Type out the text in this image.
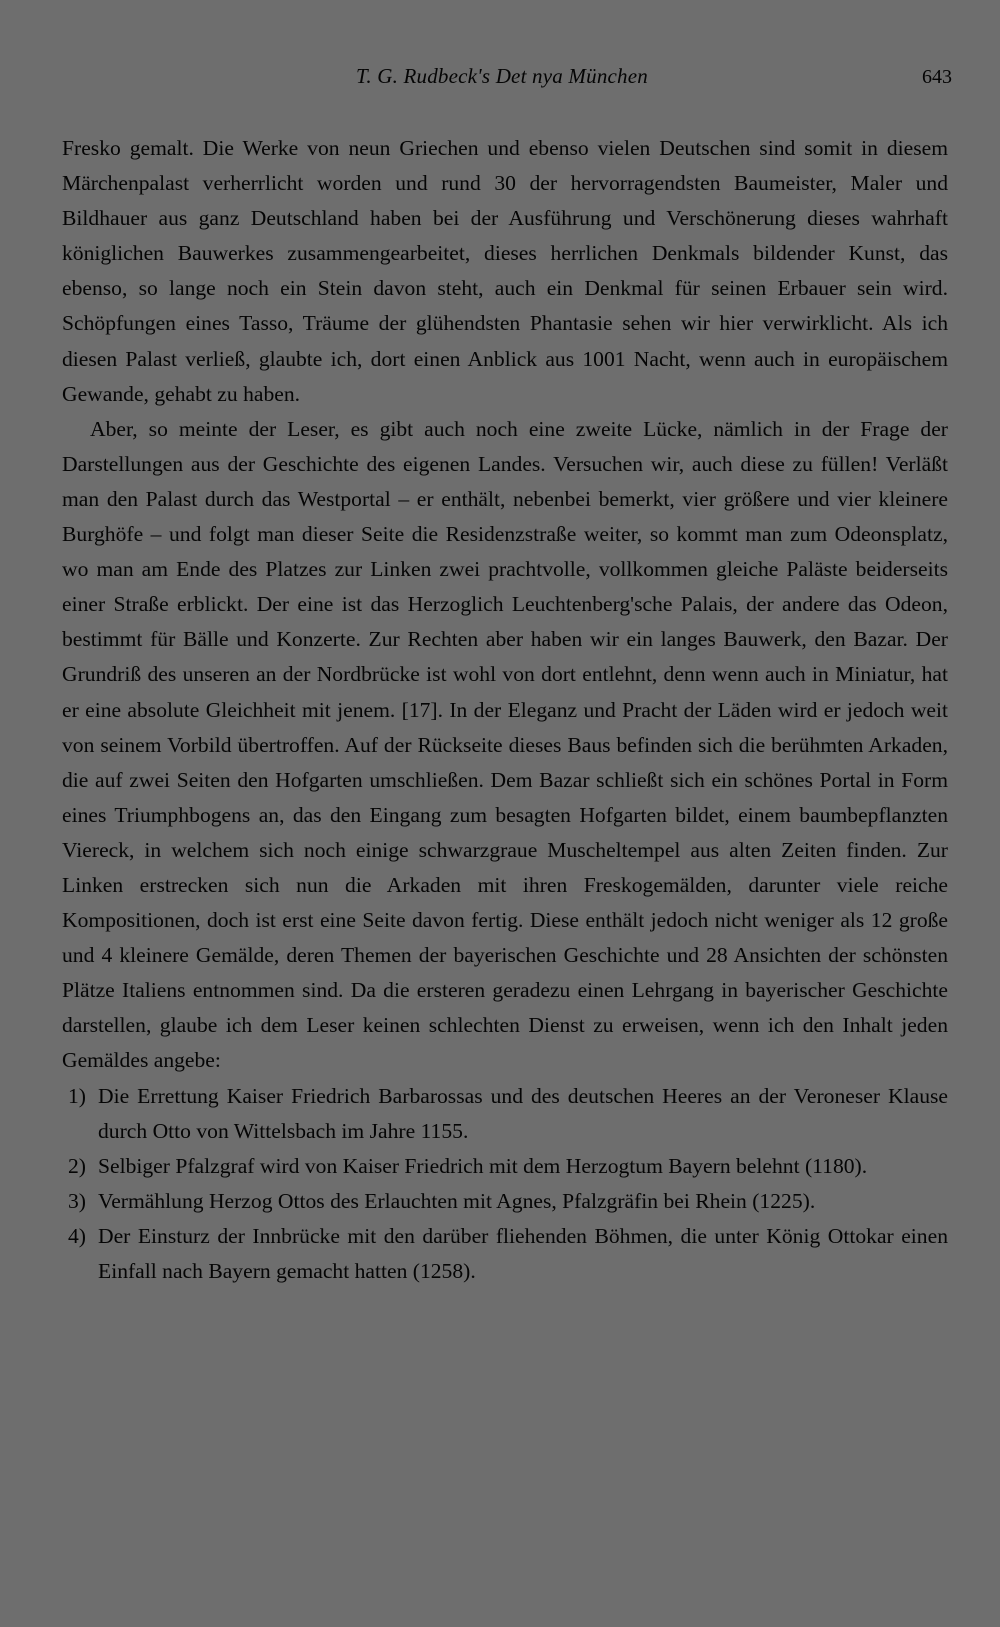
T. G. Rudbeck's Det nya München	643

Fresko gemalt. Die Werke von neun Griechen und ebenso vielen Deutschen sind somit in diesem Märchenpalast verherrlicht worden und rund 30 der hervorragendsten Baumeister, Maler und Bildhauer aus ganz Deutschland haben bei der Ausführung und Verschönerung dieses wahrhaft königlichen Bauwerkes zusammengearbeitet, dieses herrlichen Denkmals bildender Kunst, das ebenso, so lange noch ein Stein davon steht, auch ein Denkmal für seinen Erbauer sein wird. Schöpfungen eines Tasso, Träume der glühendsten Phantasie sehen wir hier verwirklicht. Als ich diesen Palast verließ, glaubte ich, dort einen Anblick aus 1001 Nacht, wenn auch in europäischem Gewande, gehabt zu haben.

Aber, so meinte der Leser, es gibt auch noch eine zweite Lücke, nämlich in der Frage der Darstellungen aus der Geschichte des eigenen Landes. Versuchen wir, auch diese zu füllen! Verläßt man den Palast durch das Westportal – er enthält, nebenbei bemerkt, vier größere und vier kleinere Burghöfe – und folgt man dieser Seite die Residenzstraße weiter, so kommt man zum Odeonsplatz, wo man am Ende des Platzes zur Linken zwei prachtvolle, vollkommen gleiche Paläste beiderseits einer Straße erblickt. Der eine ist das Herzoglich Leuchtenberg'sche Palais, der andere das Odeon, bestimmt für Bälle und Konzerte. Zur Rechten aber haben wir ein langes Bauwerk, den Bazar. Der Grundriß des unseren an der Nordbrücke ist wohl von dort entlehnt, denn wenn auch in Miniatur, hat er eine absolute Gleichheit mit jenem. [17]. In der Eleganz und Pracht der Läden wird er jedoch weit von seinem Vorbild übertroffen. Auf der Rückseite dieses Baus befinden sich die berühmten Arkaden, die auf zwei Seiten den Hofgarten umschließen. Dem Bazar schließt sich ein schönes Portal in Form eines Triumphbogens an, das den Eingang zum besagten Hofgarten bildet, einem baumbepflanzten Viereck, in welchem sich noch einige schwarzgraue Muscheltempel aus alten Zeiten finden. Zur Linken erstrecken sich nun die Arkaden mit ihren Freskogemälden, darunter viele reiche Kompositionen, doch ist erst eine Seite davon fertig. Diese enthält jedoch nicht weniger als 12 große und 4 kleinere Gemälde, deren Themen der bayerischen Geschichte und 28 Ansichten der schönsten Plätze Italiens entnommen sind. Da die ersteren geradezu einen Lehrgang in bayerischer Geschichte darstellen, glaube ich dem Leser keinen schlechten Dienst zu erweisen, wenn ich den Inhalt jeden Gemäldes angebe:

1) Die Errettung Kaiser Friedrich Barbarossas und des deutschen Heeres an der Veroneser Klause durch Otto von Wittelsbach im Jahre 1155.
2) Selbiger Pfalzgraf wird von Kaiser Friedrich mit dem Herzogtum Bayern belehnt (1180).
3) Vermählung Herzog Ottos des Erlauchten mit Agnes, Pfalzgräfin bei Rhein (1225).
4) Der Einsturz der Innbrücke mit den darüber fliehenden Böhmen, die unter König Ottokar einen Einfall nach Bayern gemacht hatten (1258).
